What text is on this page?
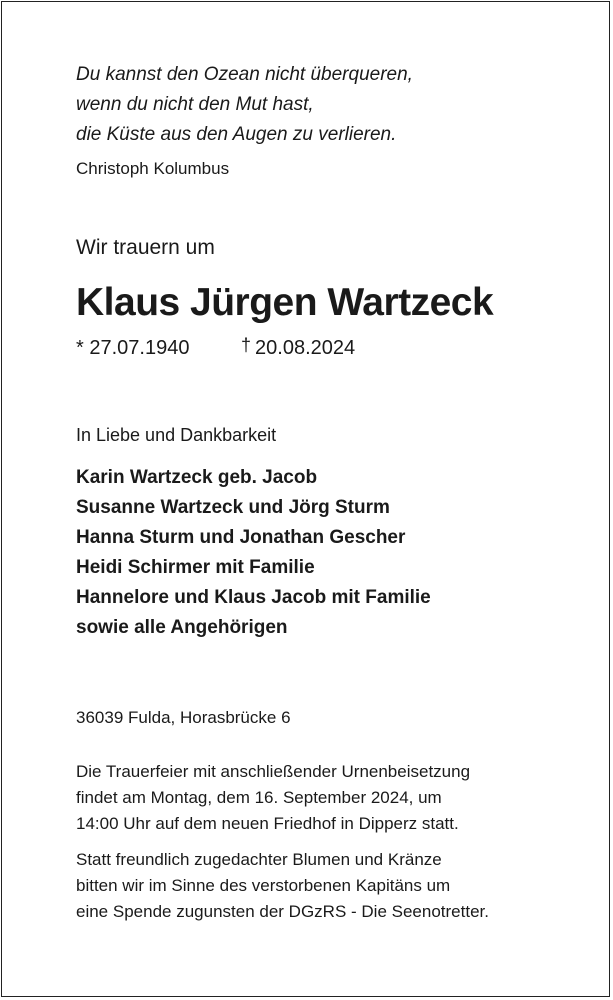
Du kannst den Ozean nicht überqueren,
wenn du nicht den Mut hast,
die Küste aus den Augen zu verlieren.
Christoph Kolumbus
Wir trauern um
Klaus Jürgen Wartzeck
* 27.07.1940	† 20.08.2024
In Liebe und Dankbarkeit
Karin Wartzeck geb. Jacob
Susanne Wartzeck und Jörg Sturm
Hanna Sturm und Jonathan Gescher
Heidi Schirmer mit Familie
Hannelore und Klaus Jacob mit Familie
sowie alle Angehörigen
36039 Fulda, Horasbrücke 6
Die Trauerfeier mit anschließender Urnenbeisetzung
findet am Montag, dem 16. September 2024, um
14:00 Uhr auf dem neuen Friedhof in Dipperz statt.
Statt freundlich zugedachter Blumen und Kränze
bitten wir im Sinne des verstorbenen Kapitäns um
eine Spende zugunsten der DGzRS - Die Seenotretter.
